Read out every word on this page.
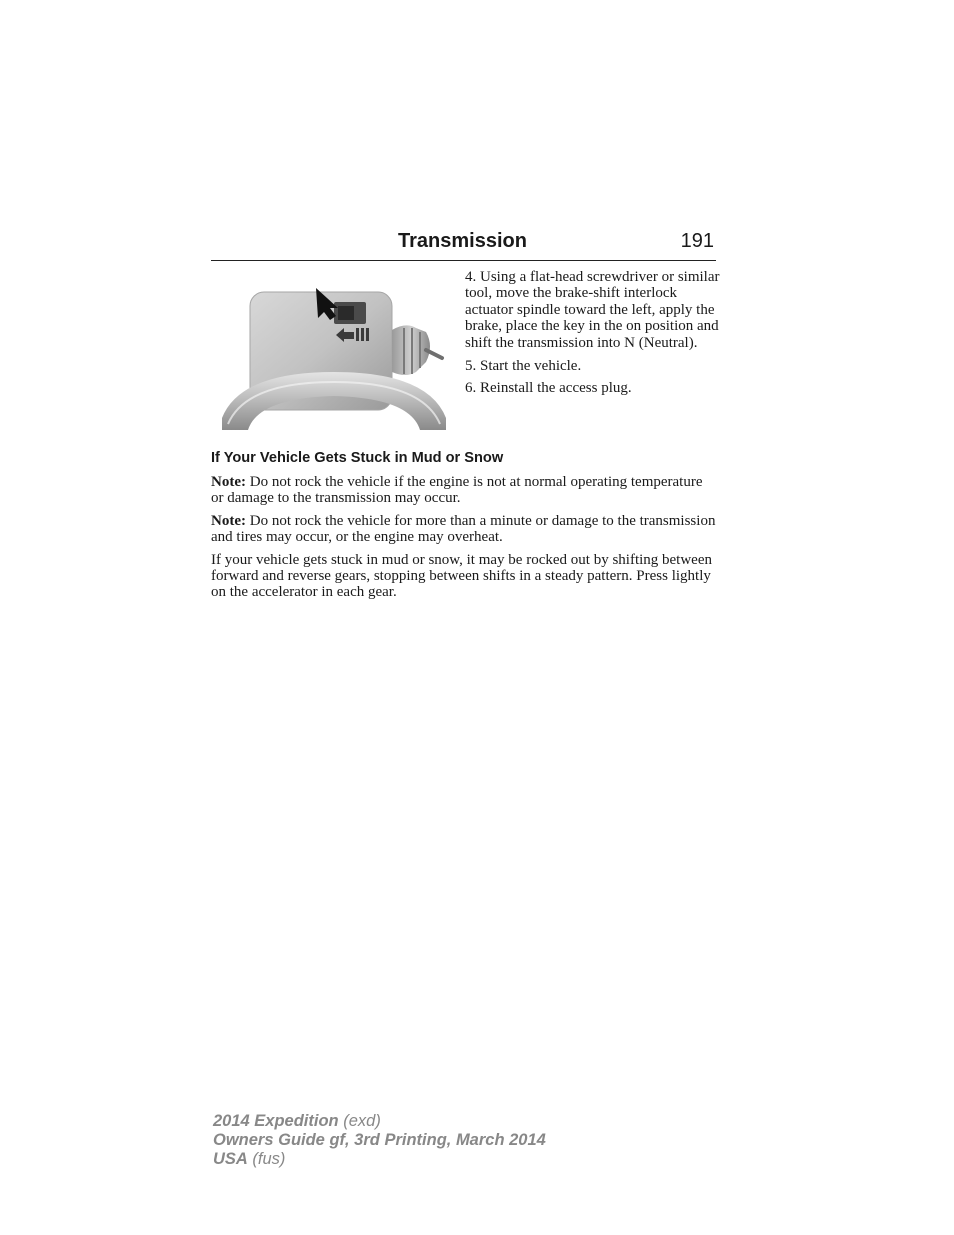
Transmission	191

4. Using a flat-head screwdriver or similar tool, move the brake-shift interlock actuator spindle toward the left, apply the brake, place the key in the on position and shift the transmission into N (Neutral).

5. Start the vehicle.

6. Reinstall the access plug.

If Your Vehicle Gets Stuck in Mud or Snow

Note: Do not rock the vehicle if the engine is not at normal operating temperature or damage to the transmission may occur.

Note: Do not rock the vehicle for more than a minute or damage to the transmission and tires may occur, or the engine may overheat.

If your vehicle gets stuck in mud or snow, it may be rocked out by shifting between forward and reverse gears, stopping between shifts in a steady pattern. Press lightly on the accelerator in each gear.

2014 Expedition (exd)
Owners Guide gf, 3rd Printing, March 2014
USA (fus)
